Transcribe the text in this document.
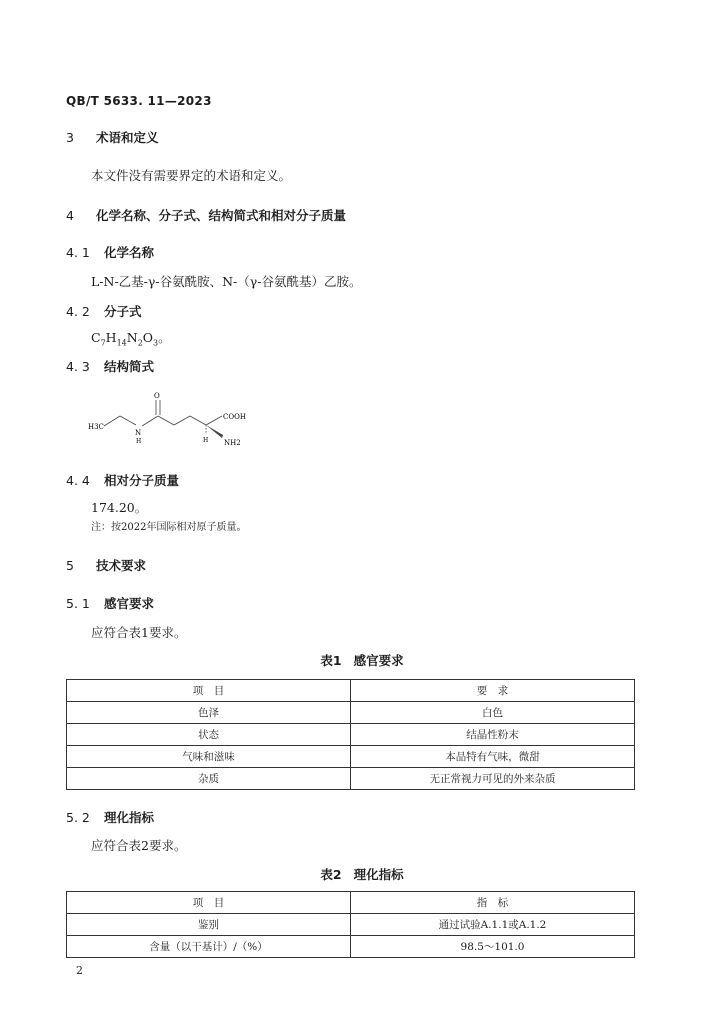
QB/T 5633. 11—2023
3 术语和定义
本文件没有需要界定的术语和定义。
4 化学名称、分子式、结构简式和相对分子质量
4. 1 化学名称
L-N-乙基-γ-谷氨酰胺、N-（γ-谷氨酰基）乙胺。
4. 2 分子式
$C_7H_{14}N_2O_3$。
4. 3 结构简式
O
COOH
H3C
N
H	H NH2
4. 4 相对分子质量
174.20。
注：按2022年国际相对原子质量。
5 技术要求
5. 1 感官要求
应符合表1要求。
表1 感官要求
项　目	要　求
色泽	白色
状态	结晶性粉末
气味和滋味	本品特有气味，微甜
杂质	无正常视力可见的外来杂质
5. 2 理化指标
应符合表2要求。
表2 理化指标
项　目	指　标
鉴别	通过试验A.1.1或A.1.2
含量（以干基计）/（%）	98.5～101.0
2
